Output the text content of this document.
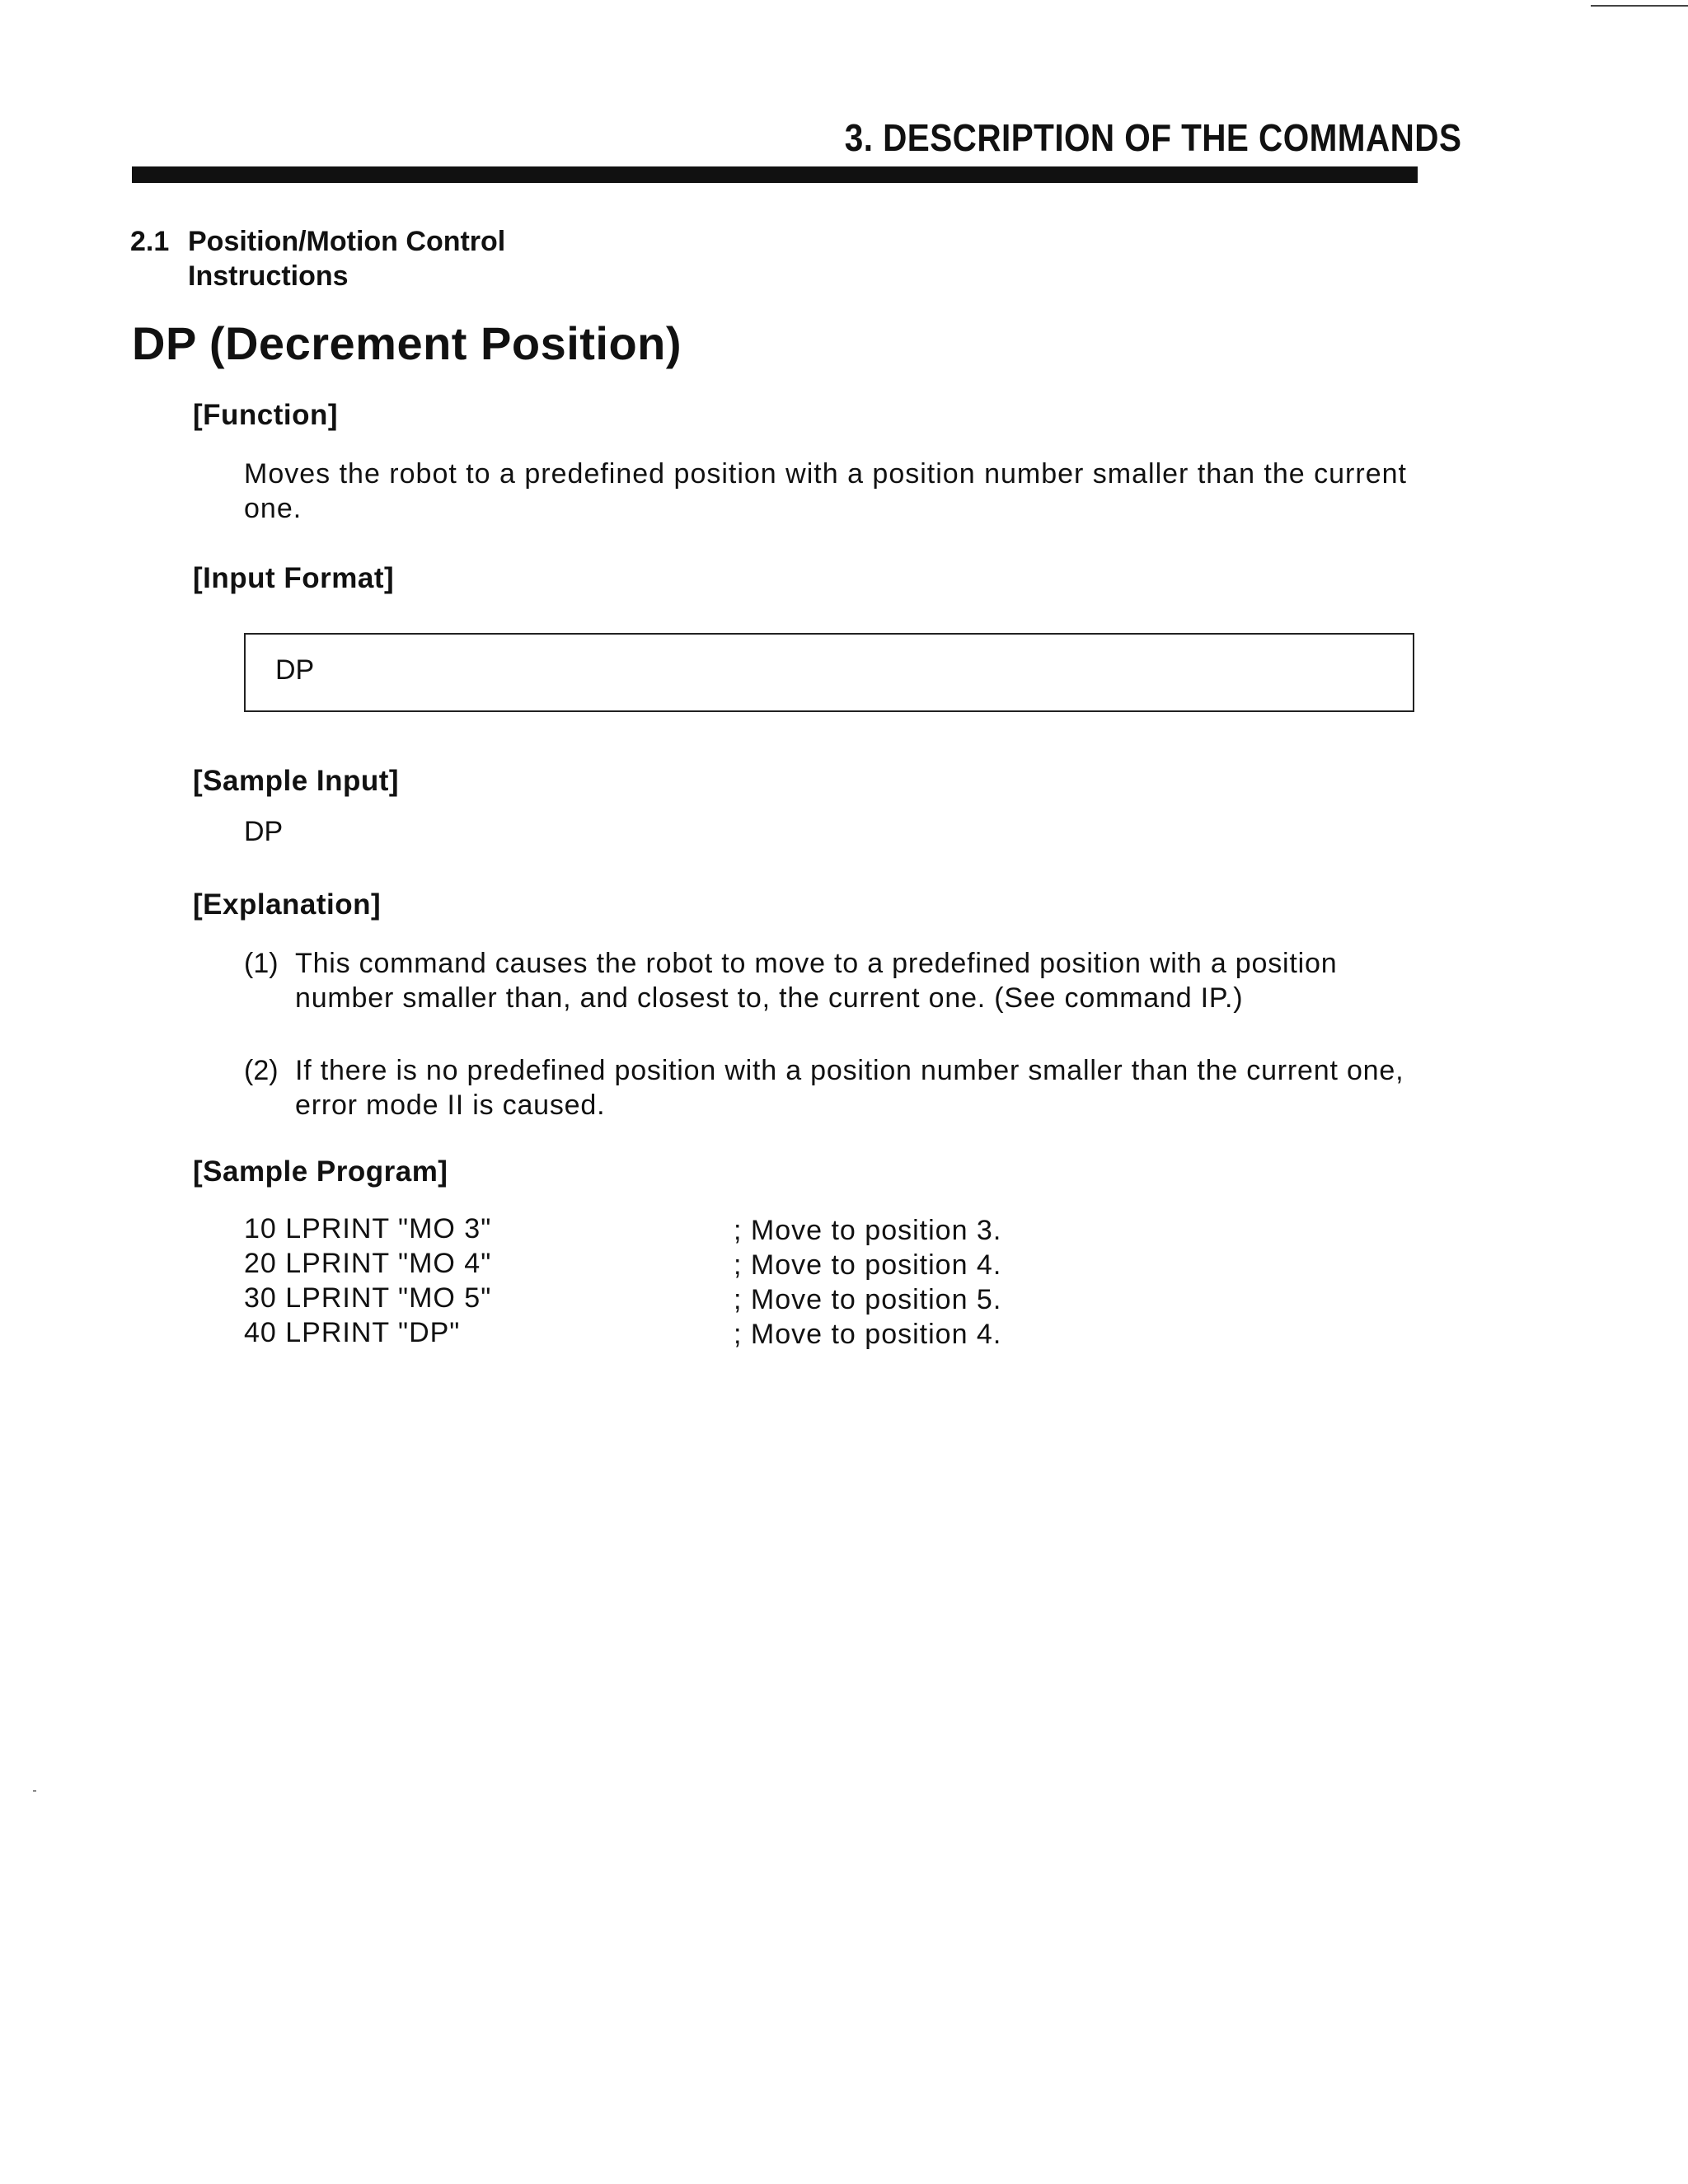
3. DESCRIPTION OF THE COMMANDS
2.1 Position/Motion Control
Instructions
DP (Decrement Position)
[Function]
Moves the robot to a predefined position with a position number smaller than the current one.
[Input Format]
DP
[Sample Input]
DP
[Explanation]
(1) This command causes the robot to move to a predefined position with a position number smaller than, and closest to, the current one. (See command IP.)
(2) If there is no predefined position with a position number smaller than the current one, error mode II is caused.
[Sample Program]
10 LPRINT "MO 3"	; Move to position 3.
20 LPRINT "MO 4"	; Move to position 4.
30 LPRINT "MO 5"	; Move to position 5.
40 LPRINT "DP"	; Move to position 4.
